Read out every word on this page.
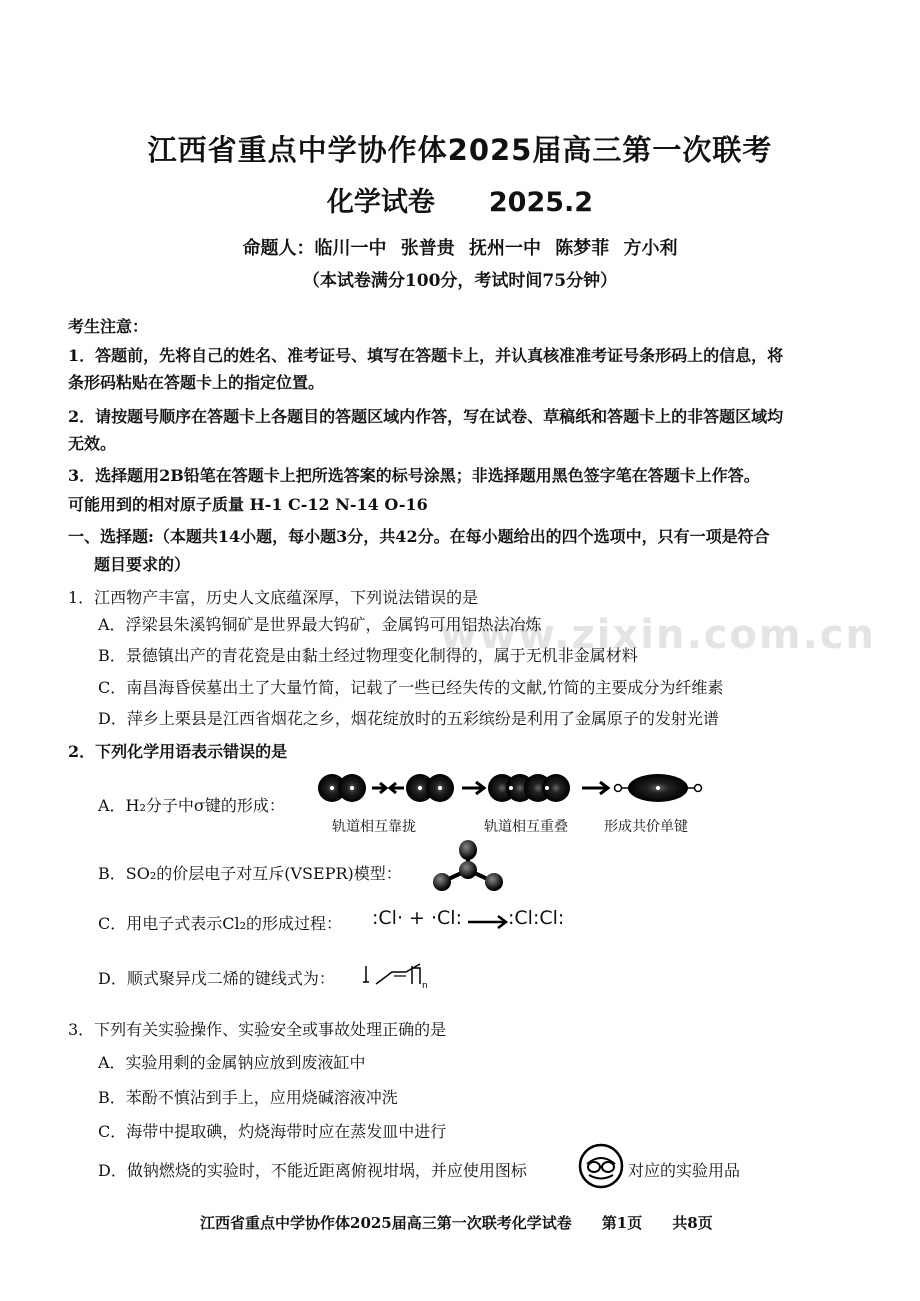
www.zixin.com.cn
江西省重点中学协作体2025届高三第一次联考
化学试卷 2025.2
命题人：临川一中 张普贵 抚州一中 陈梦菲 方小利
（本试卷满分100分，考试时间75分钟）
考生注意：
1．答题前，先将自己的姓名、准考证号、填写在答题卡上，并认真核准准考证号条形码上的信息，将
条形码粘贴在答题卡上的指定位置。
2．请按题号顺序在答题卡上各题目的答题区域内作答，写在试卷、草稿纸和答题卡上的非答题区域均
无效。
3．选择题用2B铅笔在答题卡上把所选答案的标号涂黑；非选择题用黑色签字笔在答题卡上作答。
可能用到的相对原子质量 H-1 C-12 N-14 O-16
一、选择题:（本题共14小题，每小题3分，共42分。在每小题给出的四个选项中，只有一项是符合
题目要求的）
1．江西物产丰富，历史人文底蕴深厚，下列说法错误的是
A．浮梁县朱溪钨铜矿是世界最大钨矿，金属钨可用铝热法冶炼
B．景德镇出产的青花瓷是由黏土经过物理变化制得的，属于无机非金属材料
C．南昌海昏侯墓出土了大量竹简，记载了一些已经失传的文献,竹简的主要成分为纤维素
D．萍乡上栗县是江西省烟花之乡，烟花绽放时的五彩缤纷是利用了金属原子的发射光谱
2．下列化学用语表示错误的是
A．H₂分子中σ键的形成：
轨道相互靠拢	轨道相互重叠	形成共价单键
B．SO₂的价层电子对互斥(VSEPR)模型：
C．用电子式表示Cl₂的形成过程： :Cl· + ·Cl: →
:Cl:Cl:
D．顺式聚异戊二烯的键线式为：	n
3．下列有关实验操作、实验安全或事故处理正确的是
A．实验用剩的金属钠应放到废液缸中
B．苯酚不慎沾到手上，应用烧碱溶液冲洗
C．海带中提取碘，灼烧海带时应在蒸发皿中进行
D．做钠燃烧的实验时，不能近距离俯视坩埚，并应使用图标	对应的实验用品
江西省重点中学协作体2025届高三第一次联考化学试卷 第1页 共8页
